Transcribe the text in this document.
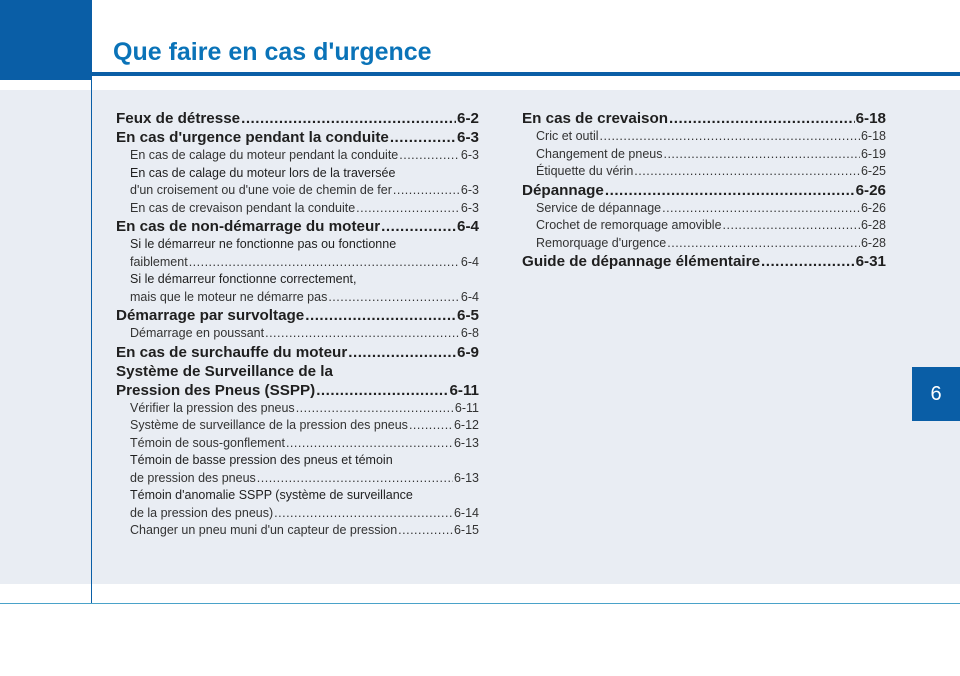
Que faire en cas d'urgence
6
Feux de détresse .....	6-2
En cas d'urgence pendant la conduite .....	6-3
En cas de calage du moteur pendant la conduite .....	6-3
En cas de calage du moteur lors de la traversée
d'un croisement ou d'une voie de chemin de fer .....	6-3
En cas de crevaison pendant la conduite .....	6-3
En cas de non-démarrage du moteur .....	6-4
Si le démarreur ne fonctionne pas ou fonctionne
faiblement .....	6-4
Si le démarreur fonctionne correctement,
mais que le moteur ne démarre pas .....	6-4
Démarrage par survoltage .....	6-5
Démarrage en poussant .....	6-8
En cas de surchauffe du moteur .....	6-9
Système de Surveillance de la
Pression des Pneus (SSPP) .....	6-11
Vérifier la pression des pneus .....	6-11
Système de surveillance de la pression des pneus .....	6-12
Témoin de sous-gonflement .....	6-13
Témoin de basse pression des pneus et témoin
de pression des pneus .....	6-13
Témoin d'anomalie SSPP (système de surveillance
de la pression des pneus) .....	6-14
Changer un pneu muni d'un capteur de pression .....	6-15
En cas de crevaison .....	6-18
Cric et outil .....	6-18
Changement de pneus .....	6-19
Étiquette du vérin .....	6-25
Dépannage .....	6-26
Service de dépannage .....	6-26
Crochet de remorquage amovible .....	6-28
Remorquage d'urgence .....	6-28
Guide de dépannage élémentaire .....	6-31
